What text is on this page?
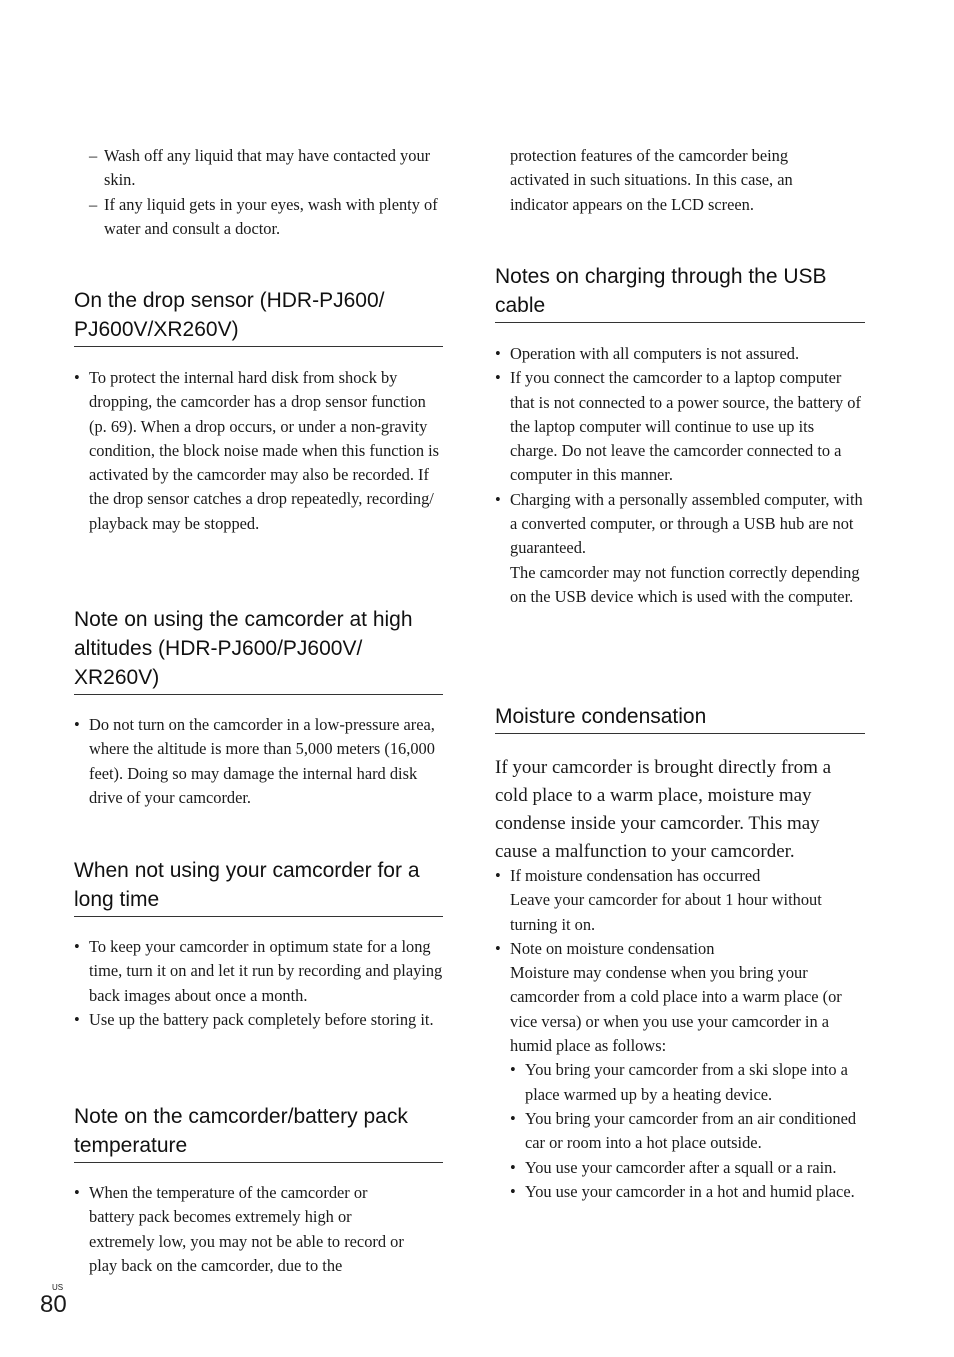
– Wash off any liquid that may have contacted your skin.
– If any liquid gets in your eyes, wash with plenty of water and consult a doctor.
On the drop sensor (HDR-PJ600/ PJ600V/XR260V)
• To protect the internal hard disk from shock by dropping, the camcorder has a drop sensor function (p. 69). When a drop occurs, or under a non-gravity condition, the block noise made when this function is activated by the camcorder may also be recorded. If the drop sensor catches a drop repeatedly, recording/ playback may be stopped.
Note on using the camcorder at high altitudes (HDR-PJ600/PJ600V/ XR260V)
• Do not turn on the camcorder in a low-pressure area, where the altitude is more than 5,000 meters (16,000 feet). Doing so may damage the internal hard disk drive of your camcorder.
When not using your camcorder for a long time
• To keep your camcorder in optimum state for a long time, turn it on and let it run by recording and playing back images about once a month.
• Use up the battery pack completely before storing it.
Note on the camcorder/battery pack temperature
• When the temperature of the camcorder or battery pack becomes extremely high or extremely low, you may not be able to record or play back on the camcorder, due to the

protection features of the camcorder being activated in such situations. In this case, an indicator appears on the LCD screen.

Notes on charging through the USB cable
• Operation with all computers is not assured.
• If you connect the camcorder to a laptop computer that is not connected to a power source, the battery of the laptop computer will continue to use up its charge. Do not leave the camcorder connected to a computer in this manner.
• Charging with a personally assembled computer, with a converted computer, or through a USB hub are not guaranteed.
The camcorder may not function correctly depending on the USB device which is used with the computer.
Moisture condensation

If your camcorder is brought directly from a cold place to a warm place, moisture may condense inside your camcorder. This may cause a malfunction to your camcorder.

• If moisture condensation has occurred
Leave your camcorder for about 1 hour without turning it on.
• Note on moisture condensation
Moisture may condense when you bring your camcorder from a cold place into a warm place (or vice versa) or when you use your camcorder in a humid place as follows:
• You bring your camcorder from a ski slope into a place warmed up by a heating device.
• You bring your camcorder from an air conditioned car or room into a hot place outside.
• You use your camcorder after a squall or a rain.
• You use your camcorder in a hot and humid place.
US
80
